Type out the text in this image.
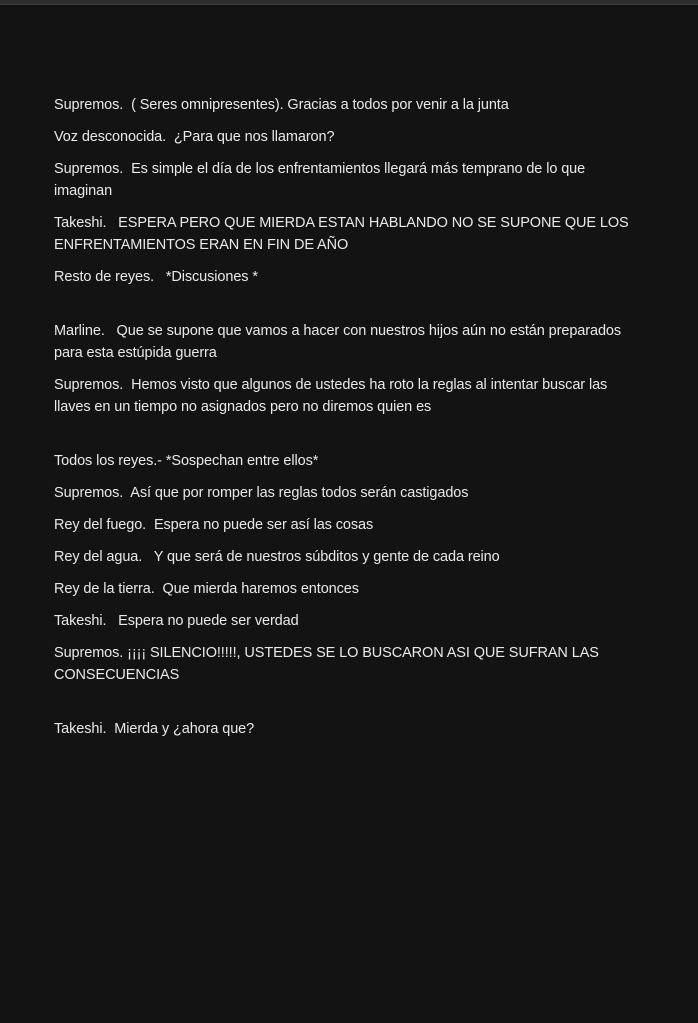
Supremos.  ( Seres omnipresentes). Gracias a todos por venir a la junta

Voz desconocida.  ¿Para que nos llamaron?

Supremos.  Es simple el día de los enfrentamientos llegará más temprano de lo que imaginan

Takeshi.   ESPERA PERO QUE MIERDA ESTAN HABLANDO NO SE SUPONE QUE LOS ENFRENTAMIENTOS ERAN EN FIN DE AÑO

Resto de reyes.   *Discusiones *

Marline.   Que se supone que vamos a hacer con nuestros hijos aún no están preparados para esta estúpida guerra

Supremos.  Hemos visto que algunos de ustedes ha roto la reglas al intentar buscar las llaves en un tiempo no asignados pero no diremos quien es

Todos los reyes.- *Sospechan entre ellos*

Supremos.  Así que por romper las reglas todos serán castigados

Rey del fuego.  Espera no puede ser así las cosas

Rey del agua.   Y que será de nuestros súbditos y gente de cada reino

Rey de la tierra.  Que mierda haremos entonces

Takeshi.   Espera no puede ser verdad

Supremos. ¡¡¡¡ SILENCIO!!!!!, USTEDES SE LO BUSCARON ASI QUE SUFRAN LAS CONSECUENCIAS

Takeshi.  Mierda y ¿ahora que?
